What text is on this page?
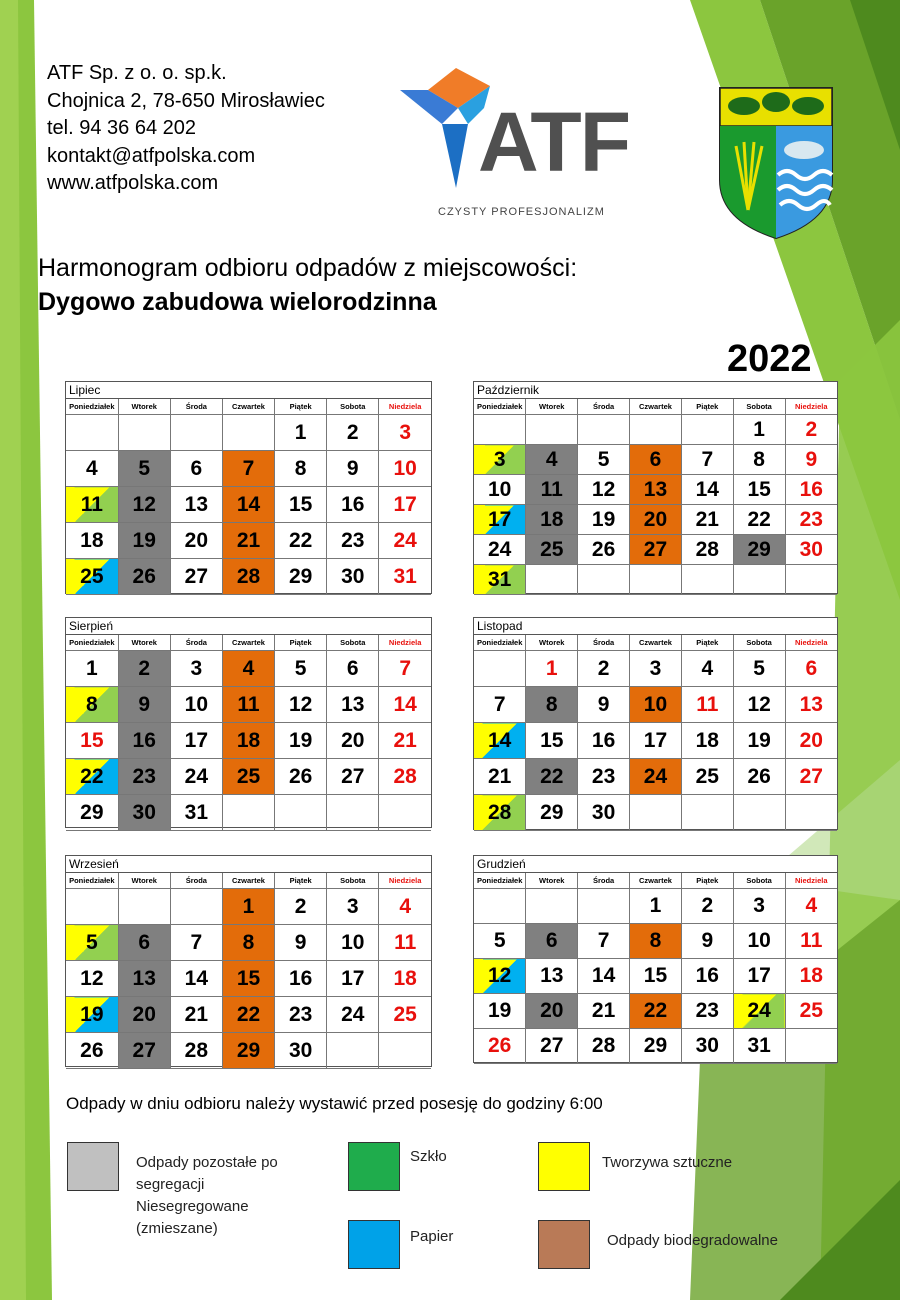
ATF Sp. z o. o. sp.k.
Chojnica 2, 78-650 Mirosławiec
tel. 94 36 64 202
kontakt@atfpolska.com
www.atfpolska.com	ATF
CZYSTY PROFESJONALIZM
Harmonogram odbioru odpadów z miejscowości:
Dygowo zabudowa wielorodzinna
2022
Lipiec
Poniedziałek	Wtorek	Środa	Czwartek	Piątek	Sobota	Niedziela
				1	2	3
4	5	6	7	8	9	10
11	12	13	14	15	16	17
18	19	20	21	22	23	24
25	26	27	28	29	30	31
Październik
Poniedziałek	Wtorek	Środa	Czwartek	Piątek	Sobota	Niedziela
					1	2
3	4	5	6	7	8	9
10	11	12	13	14	15	16
17	18	19	20	21	22	23
24	25	26	27	28	29	30
31						
Sierpień
Poniedziałek	Wtorek	Środa	Czwartek	Piątek	Sobota	Niedziela
1	2	3	4	5	6	7
8	9	10	11	12	13	14
15	16	17	18	19	20	21
22	23	24	25	26	27	28
29	30	31				
Listopad
Poniedziałek	Wtorek	Środa	Czwartek	Piątek	Sobota	Niedziela
	1	2	3	4	5	6
7	8	9	10	11	12	13
14	15	16	17	18	19	20
21	22	23	24	25	26	27
28	29	30				
Wrzesień
Poniedziałek	Wtorek	Środa	Czwartek	Piątek	Sobota	Niedziela
			1	2	3	4
5	6	7	8	9	10	11
12	13	14	15	16	17	18
19	20	21	22	23	24	25
26	27	28	29	30		
Grudzień
Poniedziałek	Wtorek	Środa	Czwartek	Piątek	Sobota	Niedziela
			1	2	3	4
5	6	7	8	9	10	11
12	13	14	15	16	17	18
19	20	21	22	23	24	25
26	27	28	29	30	31	
Odpady w dniu odbioru należy wystawić przed posesję do godziny 6:00
Odpady pozostałe po
segregacji
Niesegregowane
(zmieszane)
Szkło	Tworzywa sztuczne
Papier	Odpady biodegradowalne
